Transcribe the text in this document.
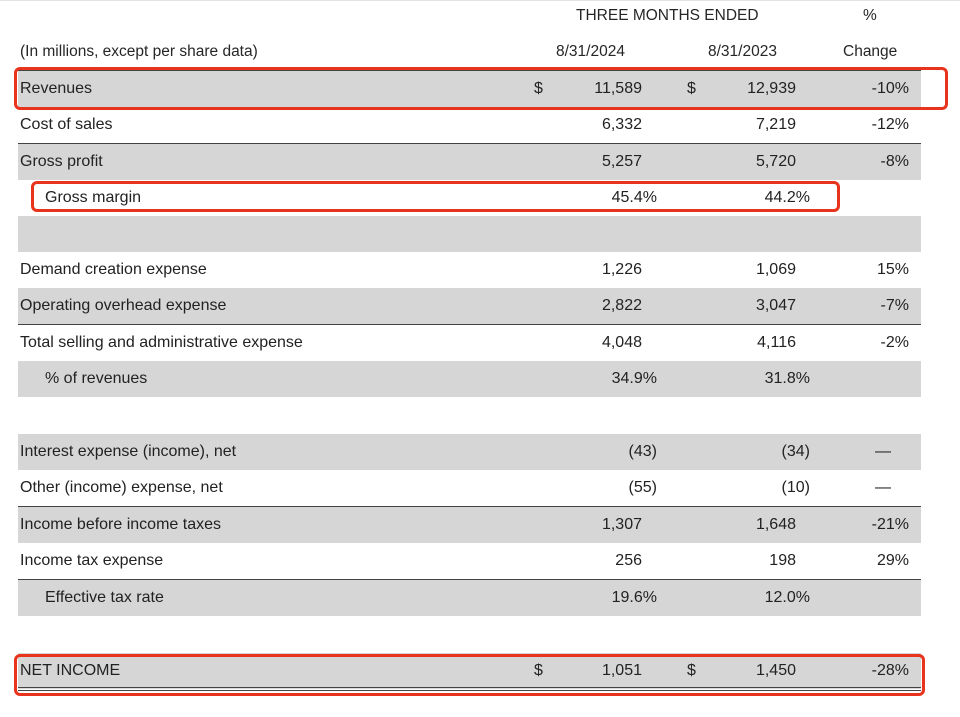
THREE MONTHS ENDED	%
(In millions, except per share data)	8/31/2024	8/31/2023	Change
Revenues	$	11,589	$	12,939	-10%
Cost of sales	6,332	7,219	-12%
Gross profit	5,257	5,720	-8%
Gross margin	45.4%	44.2%
Demand creation expense	1,226	1,069	15%
Operating overhead expense	2,822	3,047	-7%
Total selling and administrative expense	4,048	4,116	-2%
% of revenues	34.9%	31.8%
Interest expense (income), net	(43)	(34)	—
Other (income) expense, net	(55)	(10)	—
Income before income taxes	1,307	1,648	-21%
Income tax expense	256	198	29%
Effective tax rate	19.6%	12.0%
NET INCOME	$	1,051	$	1,450	-28%
